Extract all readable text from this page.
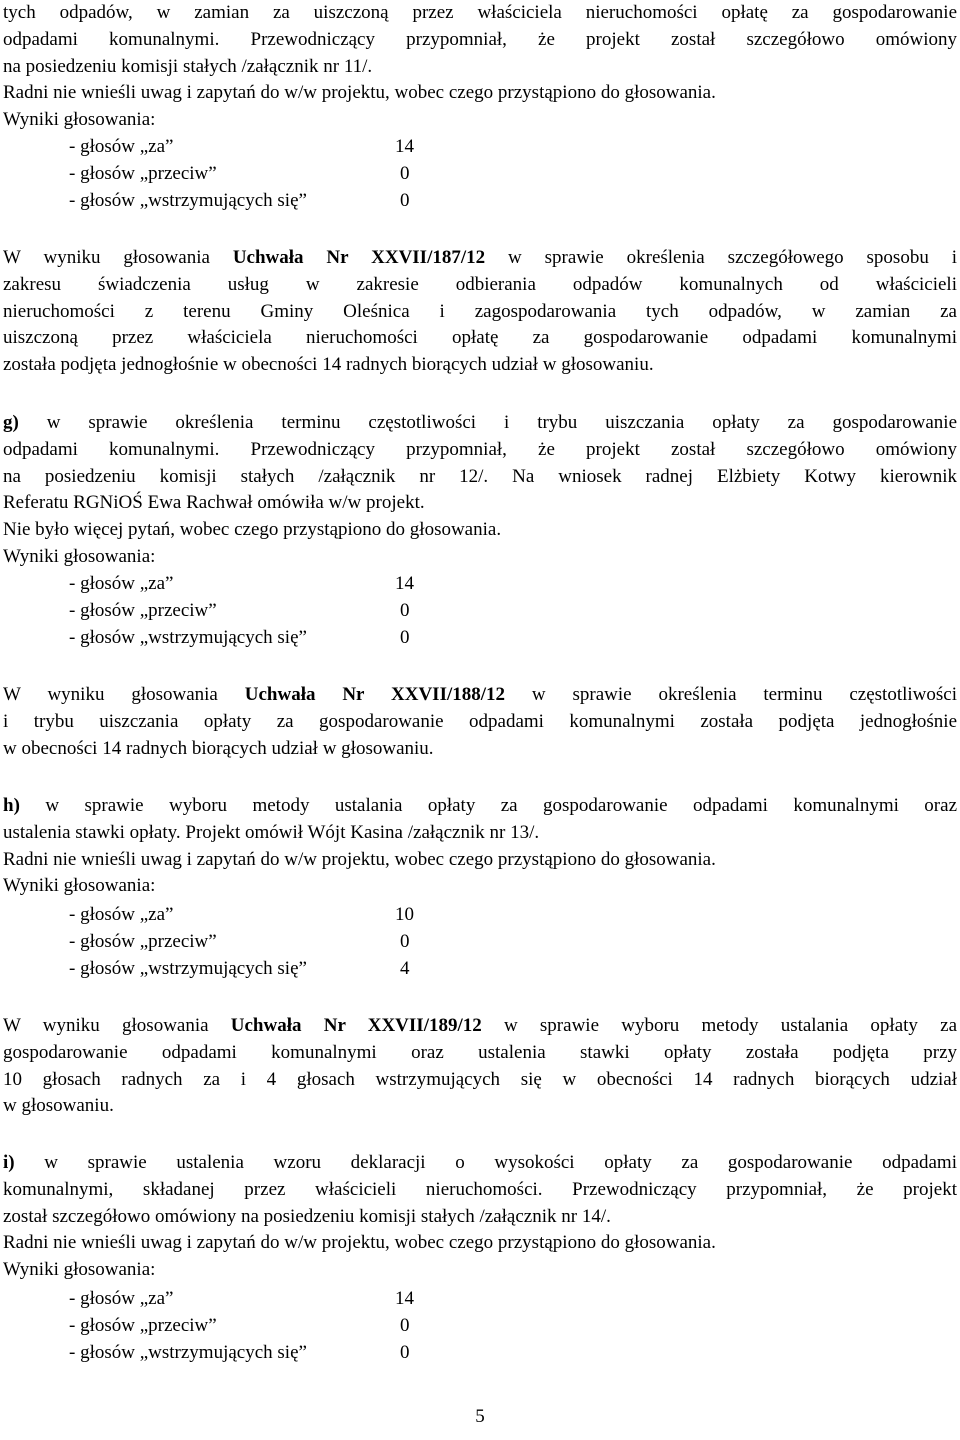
tych odpadów, w zamian za uiszczoną przez właściciela nieruchomości opłatę za gospodarowanie
odpadami komunalnymi. Przewodniczący przypomniał, że projekt został szczegółowo omówiony
na posiedzeniu komisji stałych /załącznik nr 11/.
Radni nie wnieśli uwag i zapytań do w/w projektu, wobec czego przystąpiono do głosowania.
Wyniki głosowania:
- głosów „za”	14
- głosów „przeciw”	0
- głosów „wstrzymujących się”	0
W wyniku głosowania Uchwała Nr XXVII/187/12 w sprawie określenia szczegółowego sposobu i
zakresu świadczenia usług w zakresie odbierania odpadów komunalnych od właścicieli
nieruchomości z terenu Gminy Oleśnica i zagospodarowania tych odpadów, w zamian za
uiszczoną przez właściciela nieruchomości opłatę za gospodarowanie odpadami komunalnymi
została podjęta jednogłośnie w obecności 14 radnych biorących udział w głosowaniu.
g) w sprawie określenia terminu częstotliwości i trybu uiszczania opłaty za gospodarowanie
odpadami komunalnymi. Przewodniczący przypomniał, że projekt został szczegółowo omówiony
na posiedzeniu komisji stałych /załącznik nr 12/. Na wniosek radnej Elżbiety Kotwy kierownik
Referatu RGNiOŚ Ewa Rachwał omówiła w/w projekt.
Nie było więcej pytań, wobec czego przystąpiono do głosowania.
Wyniki głosowania:
- głosów „za”	14
- głosów „przeciw”	0
- głosów „wstrzymujących się”	0
W wyniku głosowania Uchwała Nr XXVII/188/12 w sprawie określenia terminu częstotliwości
i trybu uiszczania opłaty za gospodarowanie odpadami komunalnymi została podjęta jednogłośnie
w obecności 14 radnych biorących udział w głosowaniu.
h) w sprawie wyboru metody ustalania opłaty za gospodarowanie odpadami komunalnymi oraz
ustalenia stawki opłaty. Projekt omówił Wójt Kasina /załącznik nr 13/.
Radni nie wnieśli uwag i zapytań do w/w projektu, wobec czego przystąpiono do głosowania.
Wyniki głosowania:
- głosów „za”	10
- głosów „przeciw”	0
- głosów „wstrzymujących się”	4
W wyniku głosowania Uchwała Nr XXVII/189/12 w sprawie wyboru metody ustalania opłaty za
gospodarowanie odpadami komunalnymi oraz ustalenia stawki opłaty została podjęta przy
10 głosach radnych za i 4 głosach wstrzymujących się w obecności 14 radnych biorących udział
w głosowaniu.
i) w sprawie ustalenia wzoru deklaracji o wysokości opłaty za gospodarowanie odpadami
komunalnymi, składanej przez właścicieli nieruchomości. Przewodniczący przypomniał, że projekt
został szczegółowo omówiony na posiedzeniu komisji stałych /załącznik nr 14/.
Radni nie wnieśli uwag i zapytań do w/w projektu, wobec czego przystąpiono do głosowania.
Wyniki głosowania:
- głosów „za”	14
- głosów „przeciw”	0
- głosów „wstrzymujących się”	0
5
